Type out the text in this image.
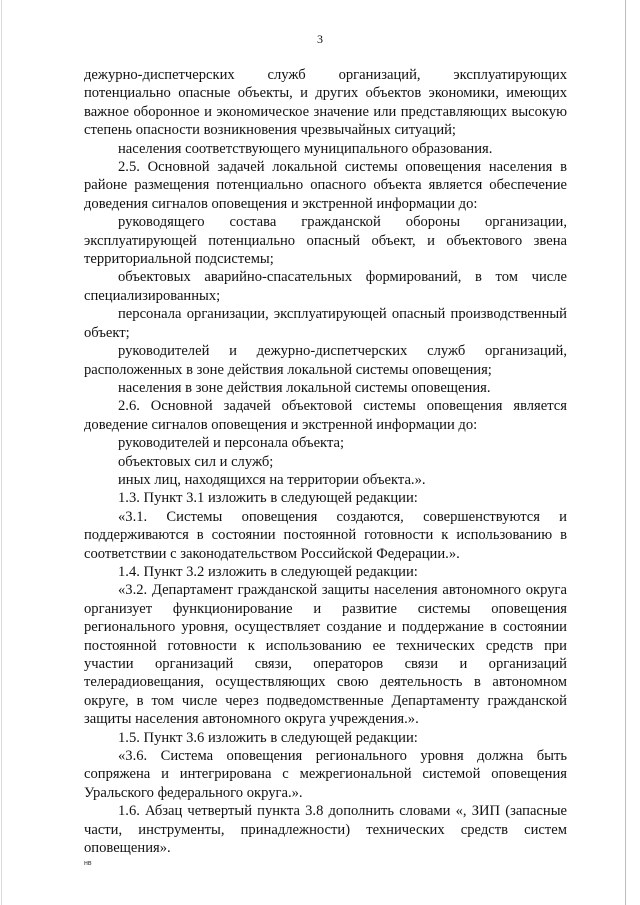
3

дежурно-диспетчерских служб организаций, эксплуатирующих потенциально опасные объекты, и других объектов экономики, имеющих важное оборонное и экономическое значение или представляющих высокую степень опасности возникновения чрезвычайных ситуаций;

населения соответствующего муниципального образования.

2.5. Основной задачей локальной системы оповещения населения в районе размещения потенциально опасного объекта является обеспечение доведения сигналов оповещения и экстренной информации до:

руководящего состава гражданской обороны организации, эксплуатирующей потенциально опасный объект, и объектового звена территориальной подсистемы;

объектовых аварийно-спасательных формирований, в том числе специализированных;

персонала организации, эксплуатирующей опасный производственный объект;

руководителей и дежурно-диспетчерских служб организаций, расположенных в зоне действия локальной системы оповещения;

населения в зоне действия локальной системы оповещения.

2.6. Основной задачей объектовой системы оповещения является доведение сигналов оповещения и экстренной информации до:

руководителей и персонала объекта;

объектовых сил и служб;

иных лиц, находящихся на территории объекта.».

1.3. Пункт 3.1 изложить в следующей редакции:

«3.1. Системы оповещения создаются, совершенствуются и поддерживаются в состоянии постоянной готовности к использованию в соответствии с законодательством Российской Федерации.».

1.4. Пункт 3.2 изложить в следующей редакции:

«3.2. Департамент гражданской защиты населения автономного округа организует функционирование и развитие системы оповещения регионального уровня, осуществляет создание и поддержание в состоянии постоянной готовности к использованию ее технических средств при участии организаций связи, операторов связи и организаций телерадиовещания, осуществляющих свою деятельность в автономном округе, в том числе через подведомственные Департаменту гражданской защиты населения автономного округа учреждения.».

1.5. Пункт 3.6 изложить в следующей редакции:

«3.6. Система оповещения регионального уровня должна быть сопряжена и интегрирована с межрегиональной системой оповещения Уральского федерального округа.».

1.6. Абзац четвертый пункта 3.8 дополнить словами «, ЗИП (запасные части, инструменты, принадлежности) технических средств систем оповещения».

нв
